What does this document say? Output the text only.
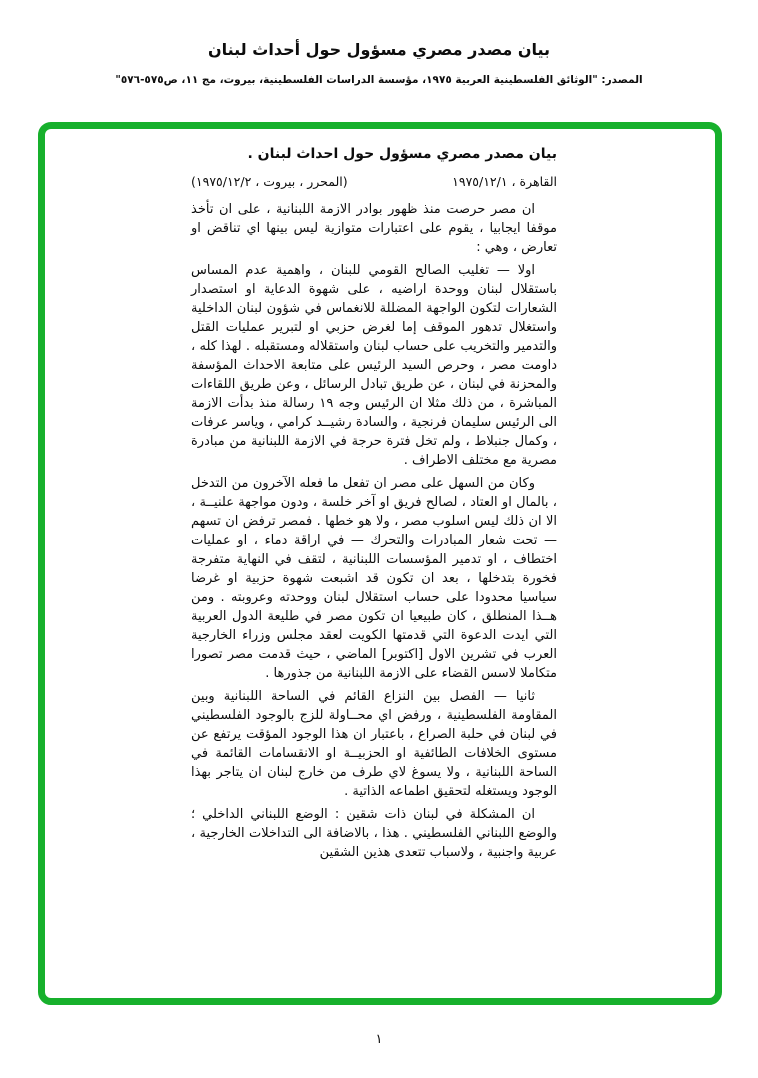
بيان مصدر مصري مسؤول حول أحداث لبنان
المصدر: "الوثائق الفلسطينية العربية ١٩٧٥، مؤسسة الدراسات الفلسطينية، بيروت، مج ١١، ص٥٧٥-٥٧٦"
بيان مصدر مصري مسؤول حول احداث لبنان .
القاهرة ، ١٩٧٥/١٢/١
(المحرر ، بيروت ، ١٩٧٥/١٢/٢)

ان مصر حرصت منذ ظهور بوادر الازمة اللبنانية ، على ان تأخذ موقفا ايجابيا ، يقوم على اعتبارات متوازية ليس بينها اي تناقض او تعارض ، وهي :

اولا — تغليب الصالح القومي للبنان ، واهمية عدم المساس باستقلال لبنان ووحدة اراضيه ، على شهوة الدعاية او استصدار الشعارات لتكون الواجهة المضللة للانغماس في شؤون لبنان الداخلية واستغلال تدهور الموقف إما لغرض حزبي او لتبرير عمليات القتل والتدمير والتخريب على حساب لبنان واستقلاله ومستقبله . لهذا كله ، داومت مصر ، وحرص السيد الرئيس على متابعة الاحداث المؤسفة والمحزنة في لبنان ، عن طريق تبادل الرسائل ، وعن طريق اللقاءات المباشرة ، من ذلك مثلا ان الرئيس وجه ١٩ رسالة منذ بدأت الازمة الى الرئيس سليمان فرنجية ، والسادة رشيــد كرامي ، وياسر عرفات ، وكمال جنبلاط ، ولم تخل فترة حرجة في الازمة اللبنانية من مبادرة مصرية مع مختلف الاطراف .

وكان من السهل على مصر ان تفعل ما فعله الآخرون من التدخل ، بالمال او العتاد ، لصالح فريق او آخر خلسة ، ودون مواجهة علنيــة ، الا ان ذلك ليس اسلوب مصر ، ولا هو خطها . فمصر ترفض ان تسهم — تحت شعار المبادرات والتحرك — في اراقة دماء ، او عمليات اختطاف ، او تدمير المؤسسات اللبنانية ، لتقف في النهاية متفرجة فخورة بتدخلها ، بعد ان تكون قد اشبعت شهوة حزبية او غرضا سياسيا محدودا على حساب استقلال لبنان ووحدته وعروبته . ومن هــذا المنطلق ، كان طبيعيا ان تكون مصر في طليعة الدول العربية التي ايدت الدعوة التي قدمتها الكويت لعقد مجلس وزراء الخارجية العرب في تشرين الاول [اكتوبر] الماضي ، حيث قدمت مصر تصورا متكاملا لاسس القضاء على الازمة اللبنانية من جذورها .

ثانيا — الفصل بين النزاع القائم في الساحة اللبنانية وبين المقاومة الفلسطينية ، ورفض اي محــاولة للزج بالوجود الفلسطيني في لبنان في حلبة الصراع ، باعتبار ان هذا الوجود المؤقت يرتفع عن مستوى الخلافات الطائفية او الحزبيــة او الانقسامات القائمة في الساحة اللبنانية ، ولا يسوغ لاي طرف من خارج لبنان ان يتاجر بهذا الوجود ويستغله لتحقيق اطماعه الذاتية .

ان المشكلة في لبنان ذات شقين : الوضع اللبناني الداخلي ؛ والوضع اللبناني الفلسطيني . هذا ، بالاضافة الى التداخلات الخارجية ، عربية واجنبية ، ولاسباب تتعدى هذين الشقين

١
